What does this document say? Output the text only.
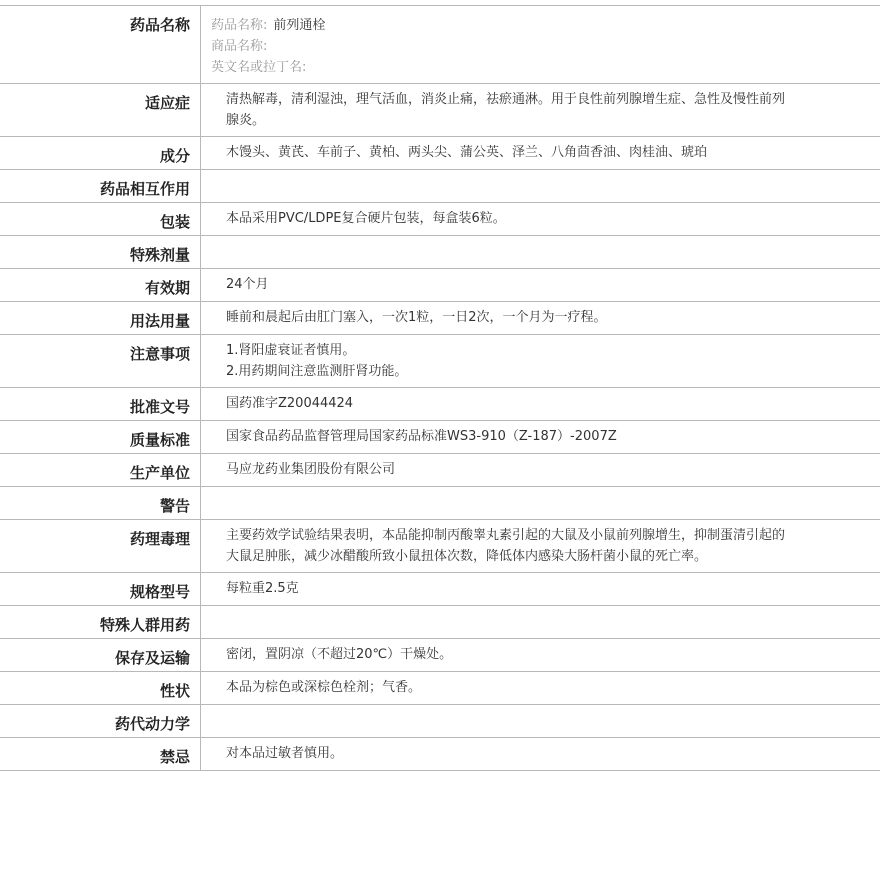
药品名称	药品名称: 前列通栓
商品名称:
英文名或拉丁名:

适应症	清热解毒，清利湿浊，理气活血，消炎止痛，祛瘀通淋。用于良性前列腺增生症、急性及慢性前列腺炎。
成分	木馒头、黄芪、车前子、黄柏、两头尖、蒲公英、泽兰、八角茴香油、肉桂油、琥珀
药品相互作用	
包装	本品采用PVC/LDPE复合硬片包装，每盒装6粒。
特殊剂量	
有效期	24个月
用法用量	睡前和晨起后由肛门塞入，一次1粒，一日2次，一个月为一疗程。
注意事项	1.肾阳虚衰证者慎用。
2.用药期间注意监测肝肾功能。

批准文号	国药准字Z20044424
质量标准	国家食品药品监督管理局国家药品标准WS3-910（Z-187）-2007Z
生产单位	马应龙药业集团股份有限公司
警告	
药理毒理	主要药效学试验结果表明，本品能抑制丙酸睾丸素引起的大鼠及小鼠前列腺增生，抑制蛋清引起的大鼠足肿胀，减少冰醋酸所致小鼠扭体次数，降低体内感染大肠杆菌小鼠的死亡率。
规格型号	每粒重2.5克
特殊人群用药	
保存及运输	密闭，置阴凉（不超过20℃）干燥处。
性状	本品为棕色或深棕色栓剂；气香。
药代动力学	
禁忌	对本品过敏者慎用。
